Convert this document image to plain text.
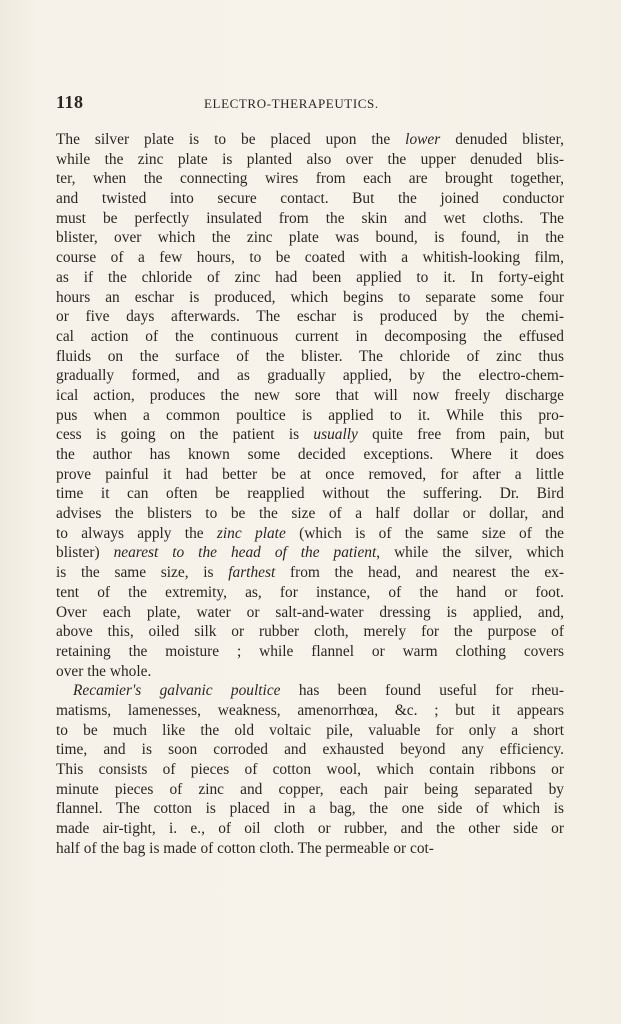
118	ELECTRO-THERAPEUTICS.
The silver plate is to be placed upon the lower denuded blister,
while the zinc plate is planted also over the upper denuded blis-
ter, when the connecting wires from each are brought together,
and twisted into secure contact. But the joined conductor
must be perfectly insulated from the skin and wet cloths. The
blister, over which the zinc plate was bound, is found, in the
course of a few hours, to be coated with a whitish-looking film,
as if the chloride of zinc had been applied to it. In forty-eight
hours an eschar is produced, which begins to separate some four
or five days afterwards. The eschar is produced by the chemi-
cal action of the continuous current in decomposing the effused
fluids on the surface of the blister. The chloride of zinc thus
gradually formed, and as gradually applied, by the electro-chem-
ical action, produces the new sore that will now freely discharge
pus when a common poultice is applied to it. While this pro-
cess is going on the patient is usually quite free from pain, but
the author has known some decided exceptions. Where it does
prove painful it had better be at once removed, for after a little
time it can often be reapplied without the suffering. Dr. Bird
advises the blisters to be the size of a half dollar or dollar, and
to always apply the zinc plate (which is of the same size of the
blister) nearest to the head of the patient, while the silver, which
is the same size, is farthest from the head, and nearest the ex-
tent of the extremity, as, for instance, of the hand or foot.
Over each plate, water or salt-and-water dressing is applied, and,
above this, oiled silk or rubber cloth, merely for the purpose of
retaining the moisture ; while flannel or warm clothing covers
over the whole.
Recamier's galvanic poultice has been found useful for rheu-
matisms, lamenesses, weakness, amenorrhœa, &c. ; but it appears
to be much like the old voltaic pile, valuable for only a short
time, and is soon corroded and exhausted beyond any efficiency.
This consists of pieces of cotton wool, which contain ribbons or
minute pieces of zinc and copper, each pair being separated by
flannel. The cotton is placed in a bag, the one side of which is
made air-tight, i. e., of oil cloth or rubber, and the other side or
half of the bag is made of cotton cloth. The permeable or cot-
